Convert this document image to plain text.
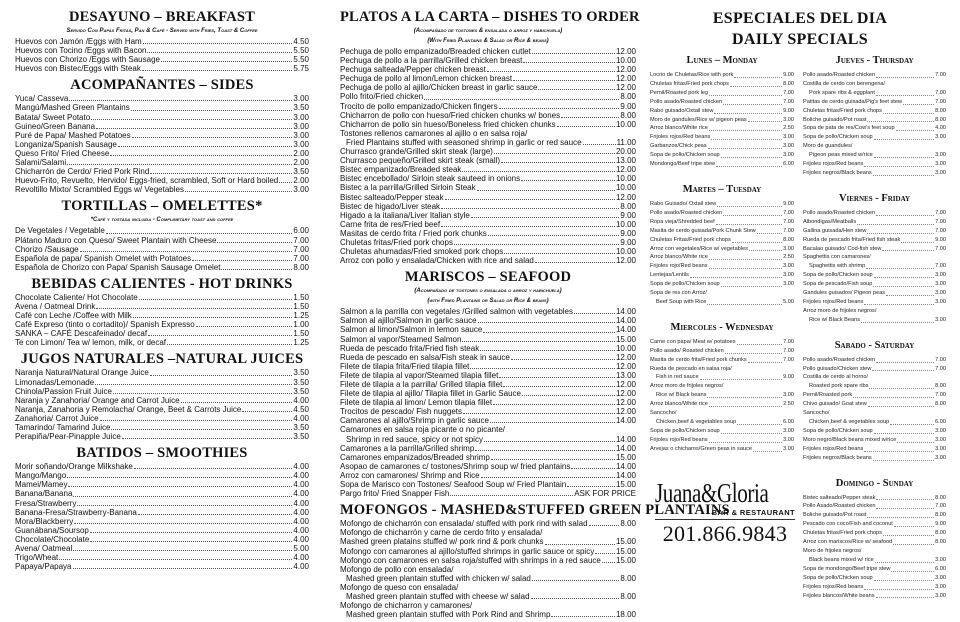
DESAYUNO – BREAKFAST
Servido Con Papas Fritas, Pan & Café - Served with Fries, Toast & Coffee
Huevos con Jamón /Eggs with Ham	4.50
Huevos con Tocino /Eggs with Bacon	5.50
Huevos con Chorizo /Eggs with Sausage	5.50
Huevos con Bistec/Eggs with Steak	5.75
ACOMPAÑANTES – SIDES
Yuca/ Casseva	3.00
Mangú/Mashed Green Plantains	3.50
Batata/ Sweet Potato	3.00
Guineo/Green Banana	3.00
Puré de Papa/ Mashed Potatoes	3.00
Longaniza/Spanish Sausage	3.00
Queso Frito/ Fried Cheese	2.00
Salami/Salami	2.00
Chicharrón de Cerdo/ Fried Pork Rind	3.50
Huevo-Frito, Revuelto, Hervido/ Eggs-fried, scrambled, Soft or Hard boiled 2.00
Revoltillo Mixto/ Scrambled Eggs w/ Vegetables	3.00
TORTILLAS – OMELETTES*
*Café y tostada incluida - Complimetary toast and coffee
De Vegetales / Vegetable	6.00
Plátano Maduro con Queso/ Sweet Plantain with Cheese	7.00
Chorizo /Sausage	7.00
Española de papa/ Spanish Omelet with Potatoes	7.00
Española de Chorizo con Papa/ Spanish Sausage Omelet	8.00
BEBIDAS CALIENTES - HOT DRINKS
Chocolate Caliente/ Hot Chocolate	1.50
Avena / Oatmeal Drink	1.50
Café con Leche /Coffee with Milk	1.25
Café Expreso (tinto o cortadito)/ Spanish Expresso	1.00
SANKA – CAFÉ Descafeinado/ decaf	1.50
Te con Limon/ Tea w/ lemon, milk, or decaf	1.25
JUGOS NATURALES –NATURAL JUICES
Naranja Natural/Natural Orange Juice	3.50
Limonadas/Lemonade	3.50
Chinola/Passion Fruit Juice	3.50
Naranja y Zanahoria/ Orange and Carrot Juice	4.00
Naranja, Zanahoria y Remolacha/ Orange, Beet & Carrots Juice	4.50
Zanahoria/ Carrot Juice	4.00
Tamarindo/ Tamarind Juice	3.50
Perapiña/Pear-Pinapple Juice	3.50
BATIDOS – SMOOTHIES
Morir soñando/Orange Milkshake	4.00
Mango/Mango	4.00
Mamei/Mamey	4.00
Banana/Banana	4.00
Fresa/Strawberry	4.00
Banana-Fresa/Strawberry-Banana	4.00
Mora/Blackberry	4.00
Guanábana/Soursop	4.00
Chocolate/Chocolate	4.00
Avena/ Oatmeal	5.00
Trigo/Wheat	4.00
Papaya/Papaya	4.00
PLATOS A LA CARTA – DISHES TO ORDER
(Acompañado de tostones & ensalada o arroz y habichuela)
(With Fried Plantains & Salad or Rice & beans)
Pechuga de pollo empanizado/Breaded chicken cutlet	12.00
Pechuga de pollo a la parrilla/Grilled chicken breast	10.00
Pechuga salteada/Pepper chicken breast	12.00
Pechuga de pollo al limon/Lemon chicken breast	12.00
Pechuga de pollo al ajillo/Chicken breast in garlic sauce	12.00
Pollo frito/Fried chicken	8.00
Trocito de pollo empanizado/Chicken fingers	9.00
Chicharron de pollo con hueso/Fried chicken chunks w/ bones	8.00
Chicharron de pollo sin hueso/Boneless fried chicken chunks	10.00
Tostones rellenos camarones al ajillo o en salsa roja/
Fried Plantains stuffed with seasoned shrimp in garlic or red sauce	11.00
Churrasco grande/Grilled skirt steak (large)	20.00
Churrasco pequeño/Grilled skirt steak (small)	13.00
Bistec empanizado/Breaded steak	12.00
Bistec encebollado/ Sirloin steak sauteed in onions	10.00
Bistec a la parrilla/Grilled Sirloin Steak	10.00
Bistec salteado/Pepper steak	12.00
Bistec de higado/Liver steak	8.00
Higado a la italiana/Liver Italian style	9.00
Carne frita de res/Fried beef	10.00
Masitas de cerdo frita / Fried pork chunks	9.00
Chuletas fritas/Fried pork chops	9.00
Chuletas ahumadas/Fried smoked pork chops	10.00
Arroz con pollo y ensalada/Chicken with rice and salad	12.00
MARISCOS – SEAFOOD
(Acompañado de tostones o ensalada o arroz y habichuela)
(with Fried Plantains or Salad or Rice & beans)
Salmon a la parrilla con vegetales /Grilled salmon with vegetables	14.00
Salmon al ajillo/Salmon in garlic sauce	14.00
Salmon al limon/Salmon in lemon sauce	14.00
Salmon al vapor/Steamed Salmon	15.00
Rueda de pescado frita/Fried fish steak	10.00
Rueda de pescado en salsa/Fish steak in sauce	12.00
Filete de tilapia frita/Fried tilapia fillet	12.00
Filete de tilapia al vapor/Steamed tilapia fillet	13.00
Filete de tilapia a la parrilla/ Grilled tilapia fillet	12.00
Filete de tilapia al ajillo/ Tilapia fillet in Garlic Sauce	12.00
Filete de tilapia al limon/ Lemon tilapia fillet	12.00
Trocitos de pescado/ Fish nuggets	12.00
Camarones al ajillo/Shrimp in garlic sauce	14.00
Camarones en salsa roja picante o no picante/
Shrimp in red sauce, spicy or not spicy	14.00
Camarones a la parrilla/Grilled shrimp	14.00
Camarones empanizados/Breaded shrimp	15.00
Asopao de camarones c/ tostones/Shrimp soup w/ fried plantains	14.00
Arroz con camarones/ Shrimp and Rice	14.00
Sopa de Marisco con Tostones/ Seafood Soup w/ Fried Plantain	15.00
Pargo frito/ Fried Snapper Fish	ASK FOR PRICE
MOFONGOS - MASHED&STUFFED GREEN PLANTAINS
Mofongo de chicharrón con ensalada/ stuffed with pork rind with salad	8.00
Mofongo de chicharrón y carne de cerdo frito y ensalada/
Mashed green platains stuffed w/ pork rind & pork chunks	15.00
Mofongo con camarones al ajillo/stuffed shrimps in garlic sauce or spicy	15.00
Mofongo con camarones en salsa roja/stuffed with shrimps in a red sauce 15.00
Mofongo de pollo con ensalada/
Mashed green plantain stuffed with chicken w/ salad	8.00
Mofongo de queso con ensalada/
Mashed green plantain stuffed with cheese w/ salad	8.00
Mofongo de chicharron y camarones/
Mashed green plantain stuffed with Pork Rind and Shrimp	18.00
ESPECIALES DEL DIA
DAILY SPECIALS
Lunes – Monday
Locrio de Chuletas/Rice with pork	9.00
Chuletas fritas/Fried pork chops	8.00
Pernil/Roasted pork leg	7.00
Pollo asado/Roasted chicken	7.00
Rabo guisado/Oxtail stew	9.00
Moro de gandules/Rice w/ pigeon peas	3.00
Arroz blanco/White rice	2.50
Frijoles rojos/Red beans	3.00
Garbanzos/Chick peas	3.00
Sopa de pollo/Chicken soup	3.00
Mondongo/Beef tripe stew	6.00
Martes – Tuesday
Rabo Guisado/ Oxtail stew	9.00
Pollo asado/Roasted chicken	7.00
Ropa vieja/Shredded beef	7.00
Masita de cerdo guisada/Pork Chunk Stew	7.00
Chuletas Fritas/Fried pork chops	8.00
Arroz con vegetales/Rice w/ vegetables	3.00
Arroz blanco/White rice	2.50
Frijoles rojo/Red beans	3.00
Lentejas/Lentils	3.00
Sopa de pollo/Chicken soup	3.00
Sopa de res con Arroz/
Beef Soup with Rice	5.00
Miercoles - Wednesday
Carne con papa/ Meat w/ potatoes	7.00
Pollo asado/ Roasted chicken	7.00
Masita de cerdo frita/Fried pork chunks	7.00
Rueda de pescado en salsa roja/
Fish in red sauce	9.00
Arroz moro de frijoles negros/
Rice w/ Black beans	3.00
Arroz blanco/White rice	2.50
Sancocho/
Chicken,beef & vegetables soup	6.00
Sopa de pollo/Chicken soup	3.00
Frijoles rojo/Red beans	3.00
Arvejas o chicharos/Green peas in sauce	3.00
Jueves - Thursday
Pollo asado/Roasted chicken	7.00
Costilla de cerdo con berengena/
Pork spare ribs & eggplant	7.00
Patitas de cerdo guisada/Pig's feet stew	7.00
Chuletas fritas/Fried pork chops	8.00
Boliche guisado/Pot roast	8.00
Sopa de pata de res/Cow's feet soup	4.00
Sopa de pollo/Chicken soup	3.00
Moro de guandules/
Pigeon peas mixed w/rice	3.00
Frijoles rojos/Red beans	3.00
Frijoles negros/Black beans	3.00
Viernes - Friday
Pollo asado/Roasted chicken	7.00
Albondigas/Meatballs	7.00
Gallina guisada/Hen stew	7.00
Rueda de pescado frita/Fried fish steak	9.00
Bacalao guisado/ Cod-fish stew	7.00
Spaghettis con camarones/
Spaghettis with shrimp	7.00
Sopa de pollo/Chicken soup	3.00
Sopa de pescado/Fish soup	3.00
Gandules guisados/ Pigeon peas	3.00
Frijoles rojos/Red beans	3.00
Arroz moro de frijoles negros/
Rice w/ Black Beans	3.00
Sabado - Saturday
Pollo asado/Roasted chicken	7.00
Pollo guisado/Chicken stew	7.00
Costilla de cerdo al horno/
Roasted pork spare ribs	8.00
Pernil/Roasted pork	7.00
Chivo guisado/ Goat stew	8.00
Sancocho/
Chicken,beef & vegetables soup	6.00
Sopa de pollo/Chicken soup	3.00
Moro negro/Black beans mixed w/rice	3.00
Frijoles rojos/Red beans	3.00
Frijoles negros/Black beans	3.00
Domingo - Sunday
Bistec salteado/Pepper steak	8.00
Pollo Asado/Roasted chicken	7.00
Boliche guisado/Pot roast	8.00
Pescado con coco/Fish and coconut	9.00
Chuletas fritas/Fried pork chops	8.00
Arroz con mariscos/Rice w/ seafood	8.00
Moro de frijoles negros/
Black beans mixed w/ rice	3.00
Sopa de mondongo/Beef tripe stew	6.00
Sopa de pollo/Chicken soup	3.00
Frijoles rojos/Red beans	3.00
Frijoles blancos/White beans	3.00
Juana&Gloria
BAR & RESTAURANT
201.866.9843
